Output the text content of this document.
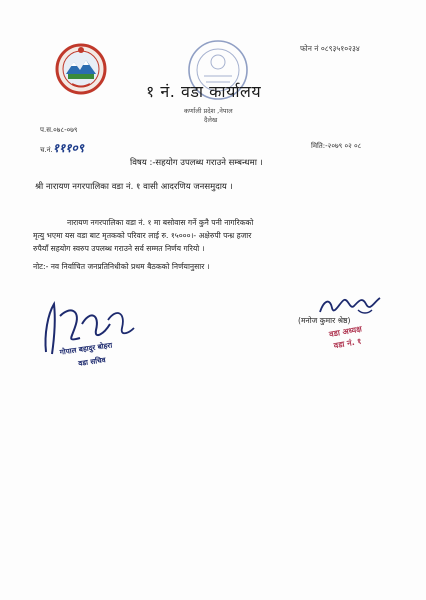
फोन नं ०८९३५१०२३४
१ नं. वडा कार्यालय
कर्णाली प्रदेश ,नेपाल
दैलेख
प.स.०७८-०७९
च.नं.१११०९	मिति:-२०७९ ०२ ०८
विषय :-सहयोग उपलब्ध गराउने सम्बन्धमा ।
श्री नारायण नगरपालिका वडा नं. १ वासी आदरणिय जनसमुदाय ।
नारायण नगरपालिका वडा नं. १ मा बसोवास गर्ने कुनै पनी नागरिकको
मृत्यु भएमा यस वडा बाट मृतकको परिवार लाई रु. १५०००।- अक्षेरुपी पन्ध्र हजार
रुपैयाँ सहयोग स्वरुप उपलब्ध गराउने सर्व सम्मत निर्णय गरियो ।
नोट:- नव निर्वाचित जनप्रतिनिधीको प्रथम बैठकको निर्णयानुसार ।
गोपाल बहादुर बोहरा
वडा सचिव
(मनोज कुमार श्रेष्ठ)
वडा अध्यक्ष
वडा नं. १
